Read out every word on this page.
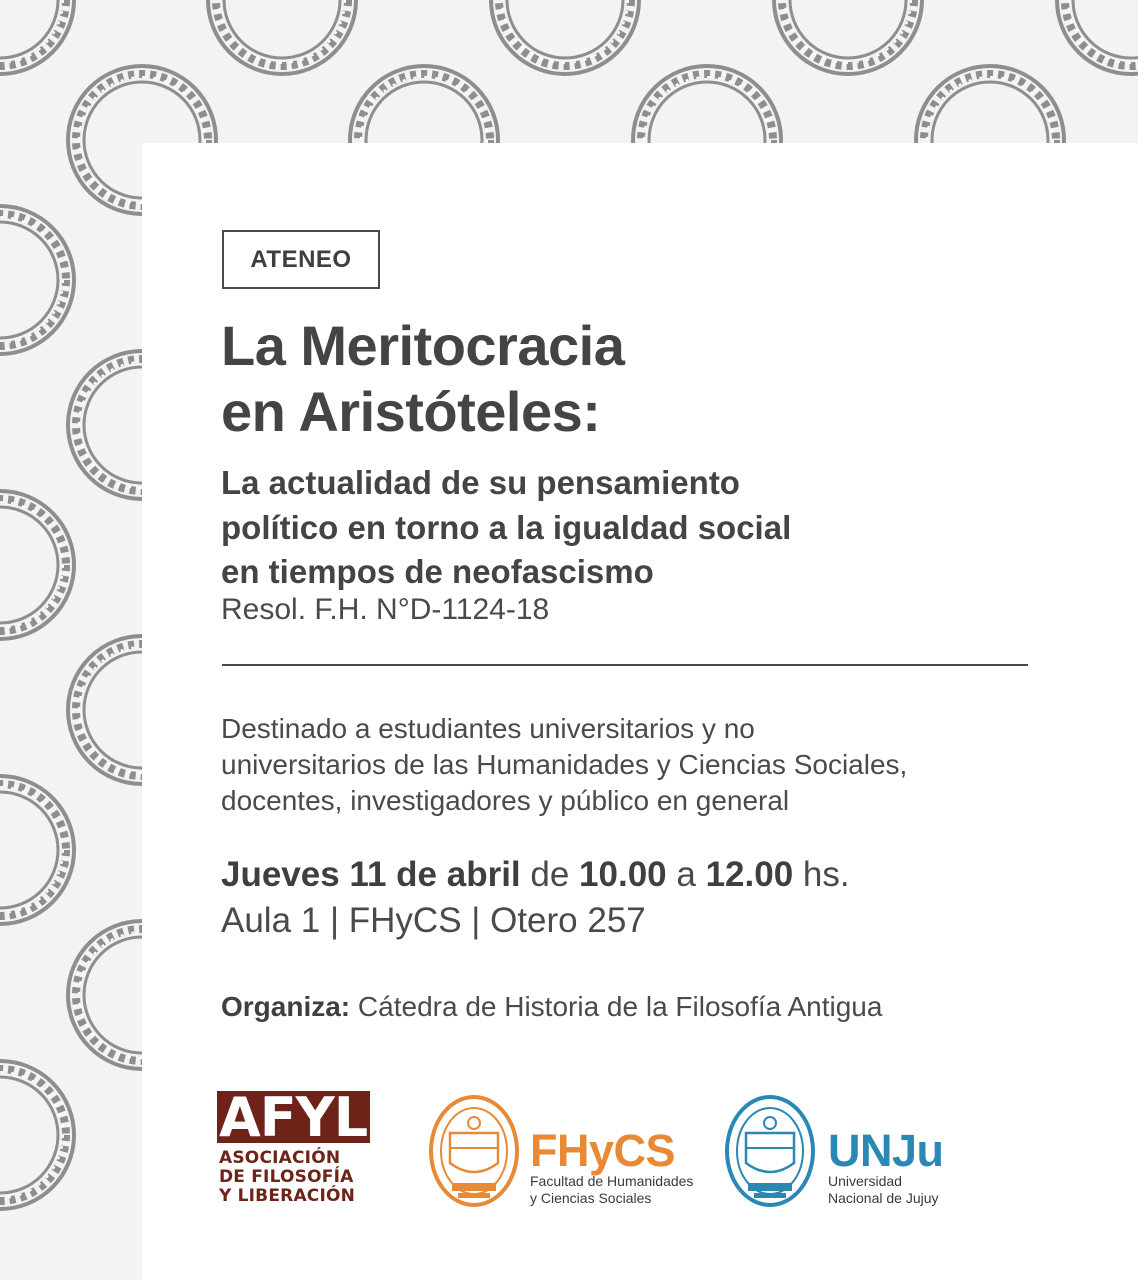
ATENEO
La Meritocracia
en Aristóteles:
La actualidad de su pensamiento
político en torno a la igualdad social
en tiempos de neofascismo
Resol. F.H. N°D-1124-18

Destinado a estudiantes universitarios y no
universitarios de las Humanidades y Ciencias Sociales,
docentes, investigadores y público en general

Jueves 11 de abril de 10.00 a 12.00 hs.
Aula 1 | FHyCS | Otero 257
Organiza: Cátedra de Historia de la Filosofía Antigua
AFYL
ASOCIACIÓN
DE FILOSOFÍA
Y LIBERACIÓN
FHyCS
Facultad de Humanidades
y Ciencias Sociales
UNJu
Universidad
Nacional de Jujuy
